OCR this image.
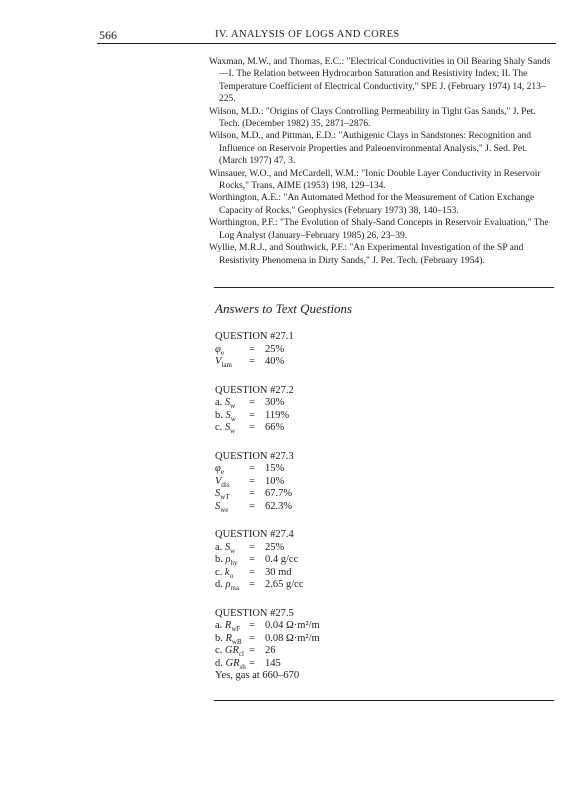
566	IV. ANALYSIS OF LOGS AND CORES

Waxman, M.W., and Thomas, E.C.: "Electrical Conductivities in Oil Bearing Shaly Sands—I. The Relation between Hydrocarbon Saturation and Resistivity Index; II. The Temperature Coefficient of Electrical Conductivity," SPE J. (February 1974) 14, 213–225.

Wilson, M.D.: "Origins of Clays Controlling Permeability in Tight Gas Sands," J. Pet. Tech. (December 1982) 35, 2871–2876.

Wilson, M.D., and Pittman, E.D.: "Authigenic Clays in Sandstones: Recognition and Influence on Reservoir Properties and Paleoenvironmental Analysis," J. Sed. Pet. (March 1977) 47, 3.

Winsauer, W.O., and McCardell, W.M.: "Ionic Double Layer Conductivity in Reservoir Rocks," Trans, AIME (1953) 198, 129–134.

Worthington, A.E.: "An Automated Method for the Measurement of Cation Exchange Capacity of Rocks," Geophysics (February 1973) 38, 140–153.

Worthington, P.F.: "The Evolution of Shaly-Sand Concepts in Reservoir Evaluation," The Log Analyst (January–February 1985) 26, 23–39.

Wyllie, M.R.J., and Southwick, P.F.: "An Experimental Investigation of the SP and Resistivity Phenomena in Dirty Sands," J. Pet. Tech. (February 1954).

Answers to Text Questions
QUESTION #27.1
$\varphi_e$	= 25%
$V_{lam}$	= 40%
QUESTION #27.2
a. $S_w$	= 30%
b. $S_w$	= 119%
c. $S_w$	= 66%
QUESTION #27.3
$\varphi_e$	= 15%
$V_{dis}$	= 10%
$S_{wT}$	= 67.7%
$S_{we}$	= 62.3%
QUESTION #27.4
a. $S_w$	= 25%
b. $\rho_{hy}$	= 0.4 g/cc
c. $k_o$	= 30 md
d. $\rho_{ma} = 2.65$ g/cc
QUESTION #27.5
a. $R_{wF} = 0.04$ Ω·m²/m
b. $R_{wB} = 0.08$ Ω·m²/m
c. $GR_{cl} = 26$
d. $GR_{sh} = 145$
Yes, gas at 660–670
